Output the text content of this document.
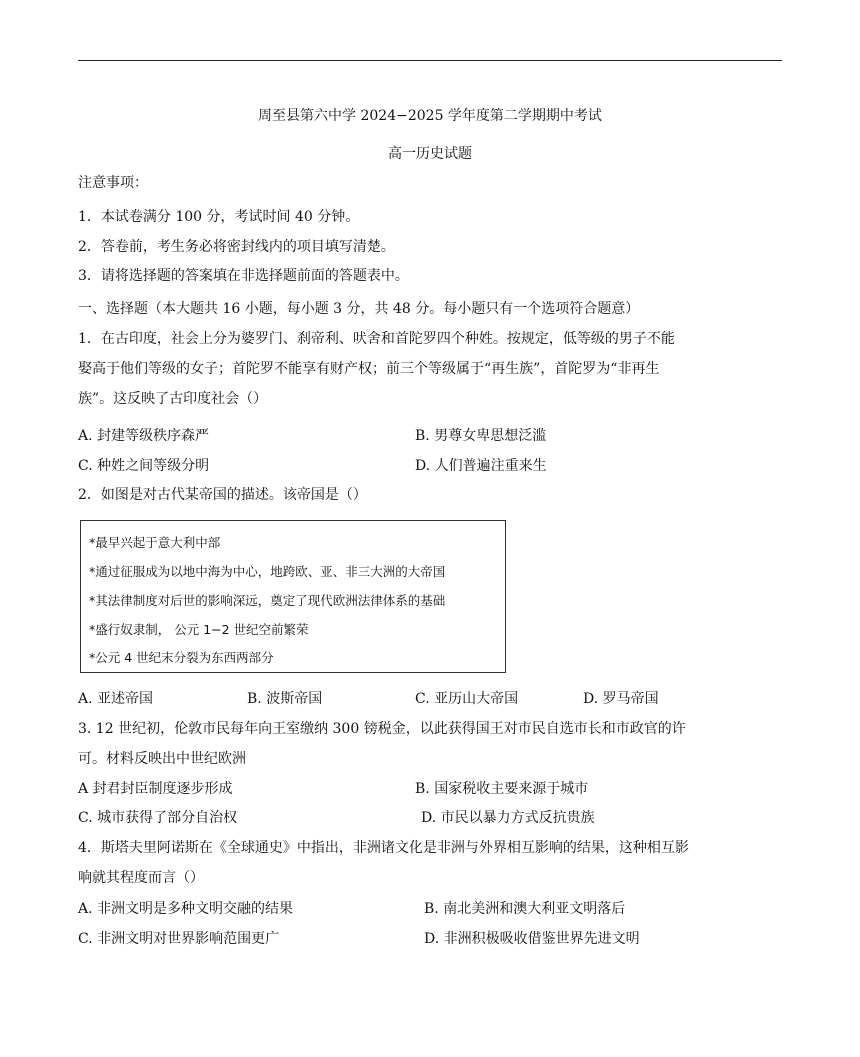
周至县第六中学 2024−2025 学年度第二学期期中考试
高一历史试题
注意事项：
1．本试卷满分 100 分，考试时间 40 分钟。
2．答卷前，考生务必将密封线内的项目填写清楚。
3．请将选择题的答案填在非选择题前面的答题表中。
一、选择题（本大题共 16 小题，每小题 3 分，共 48 分。每小题只有一个选项符合题意）
1．在古印度，社会上分为婆罗门、刹帝利、吠舍和首陀罗四个种姓。按规定，低等级的男子不能
娶高于他们等级的女子；首陀罗不能享有财产权；前三个等级属于“再生族”，首陀罗为“非再生
族”。这反映了古印度社会（）
A. 封建等级秩序森严	B. 男尊女卑思想泛滥
C. 种姓之间等级分明	D. 人们普遍注重来生
2．如图是对古代某帝国的描述。该帝国是（）
*最早兴起于意大利中部
*通过征服成为以地中海为中心，地跨欧、亚、非三大洲的大帝国
*其法律制度对后世的影响深远，奠定了现代欧洲法律体系的基础
*盛行奴隶制， 公元 1−2 世纪空前繁荣
*公元 4 世纪末分裂为东西两部分
A. 亚述帝国	B. 波斯帝国	C. 亚历山大帝国	D. 罗马帝国
3. 12 世纪初，伦敦市民每年向王室缴纳 300 镑税金，以此获得国王对市民自选市长和市政官的许
可。材料反映出中世纪欧洲
A 封君封臣制度逐步形成	B. 国家税收主要来源于城市
C. 城市获得了部分自治权	D. 市民以暴力方式反抗贵族
4．斯塔夫里阿诺斯在《全球通史》中指出，非洲诸文化是非洲与外界相互影响的结果，这种相互影
响就其程度而言（）
A. 非洲文明是多种文明交融的结果	B. 南北美洲和澳大利亚文明落后
C. 非洲文明对世界影响范围更广	D. 非洲积极吸收借鉴世界先进文明
